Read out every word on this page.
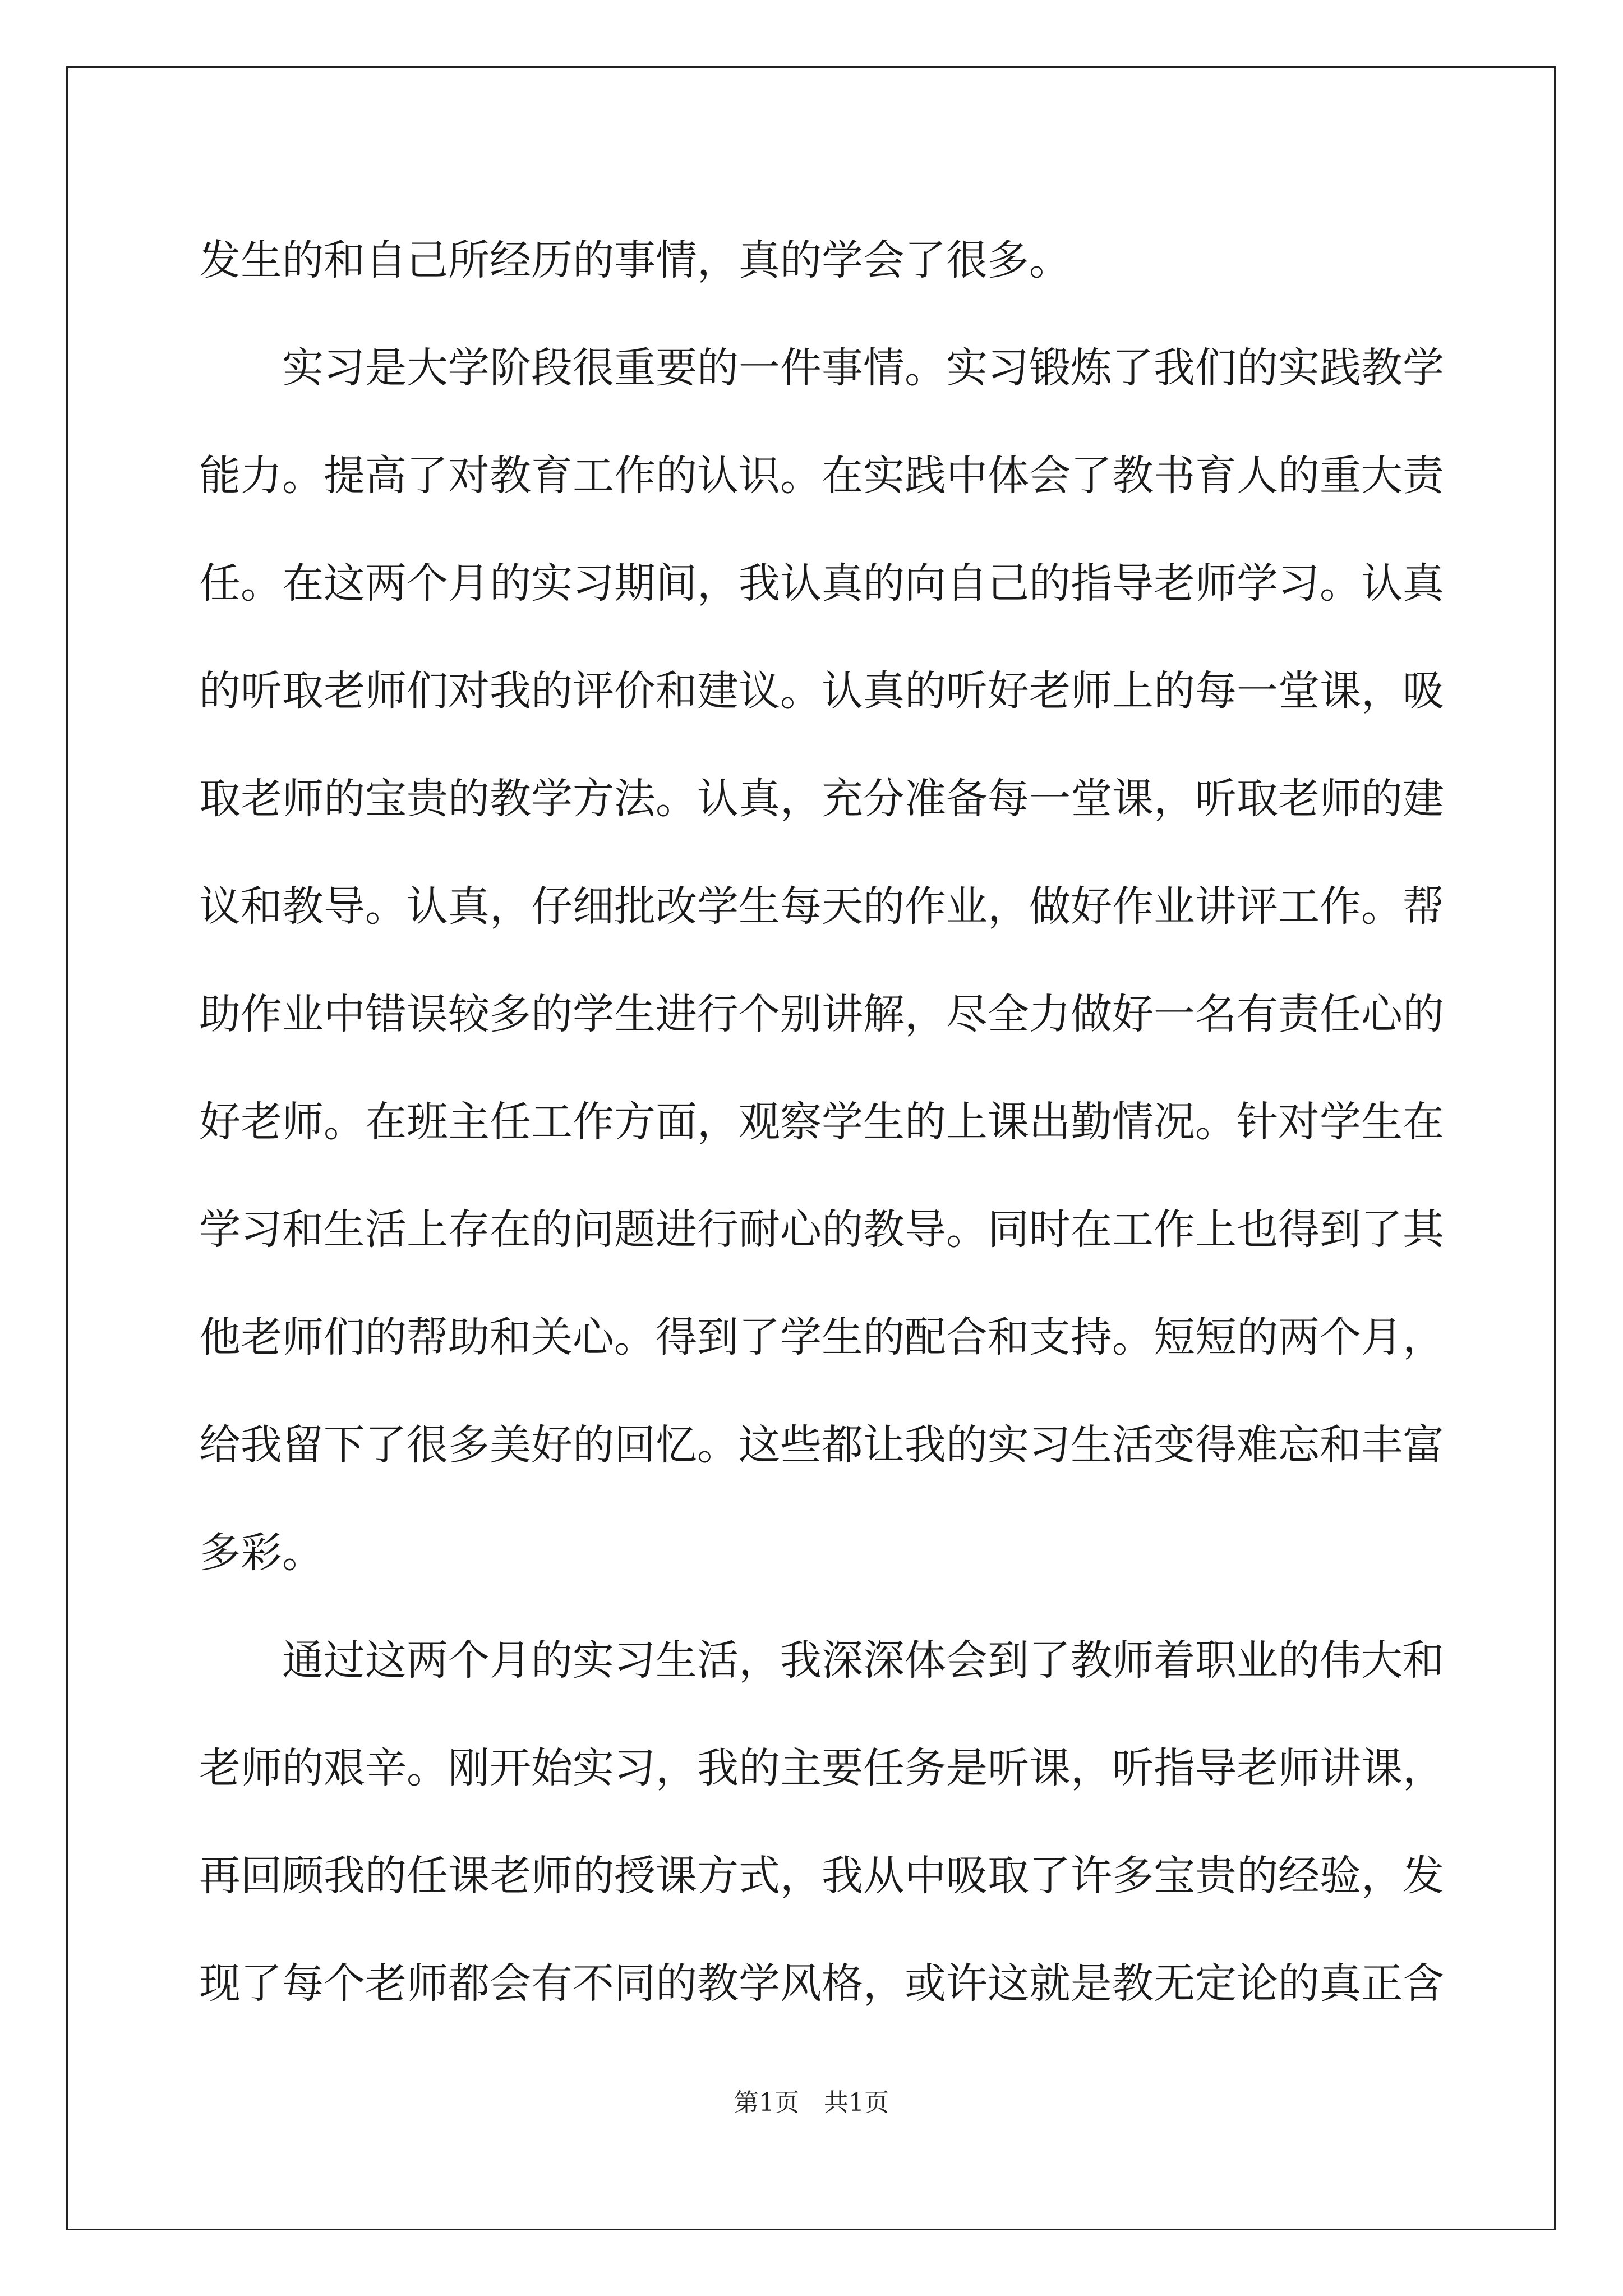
发生的和自己所经历的事情，真的学会了很多。
实习是大学阶段很重要的一件事情。实习锻炼了我们的实践教学
能力。提高了对教育工作的认识。在实践中体会了教书育人的重大责
任。在这两个月的实习期间，我认真的向自己的指导老师学习。认真
的听取老师们对我的评价和建议。认真的听好老师上的每一堂课，吸
取老师的宝贵的教学方法。认真，充分准备每一堂课，听取老师的建
议和教导。认真，仔细批改学生每天的作业，做好作业讲评工作。帮
助作业中错误较多的学生进行个别讲解，尽全力做好一名有责任心的
好老师。在班主任工作方面，观察学生的上课出勤情况。针对学生在
学习和生活上存在的问题进行耐心的教导。同时在工作上也得到了其
他老师们的帮助和关心。得到了学生的配合和支持。短短的两个月，
给我留下了很多美好的回忆。这些都让我的实习生活变得难忘和丰富
多彩。
通过这两个月的实习生活，我深深体会到了教师着职业的伟大和
老师的艰辛。刚开始实习，我的主要任务是听课，听指导老师讲课，
再回顾我的任课老师的授课方式，我从中吸取了许多宝贵的经验，发
现了每个老师都会有不同的教学风格，或许这就是教无定论的真正含
第1页　共1页
